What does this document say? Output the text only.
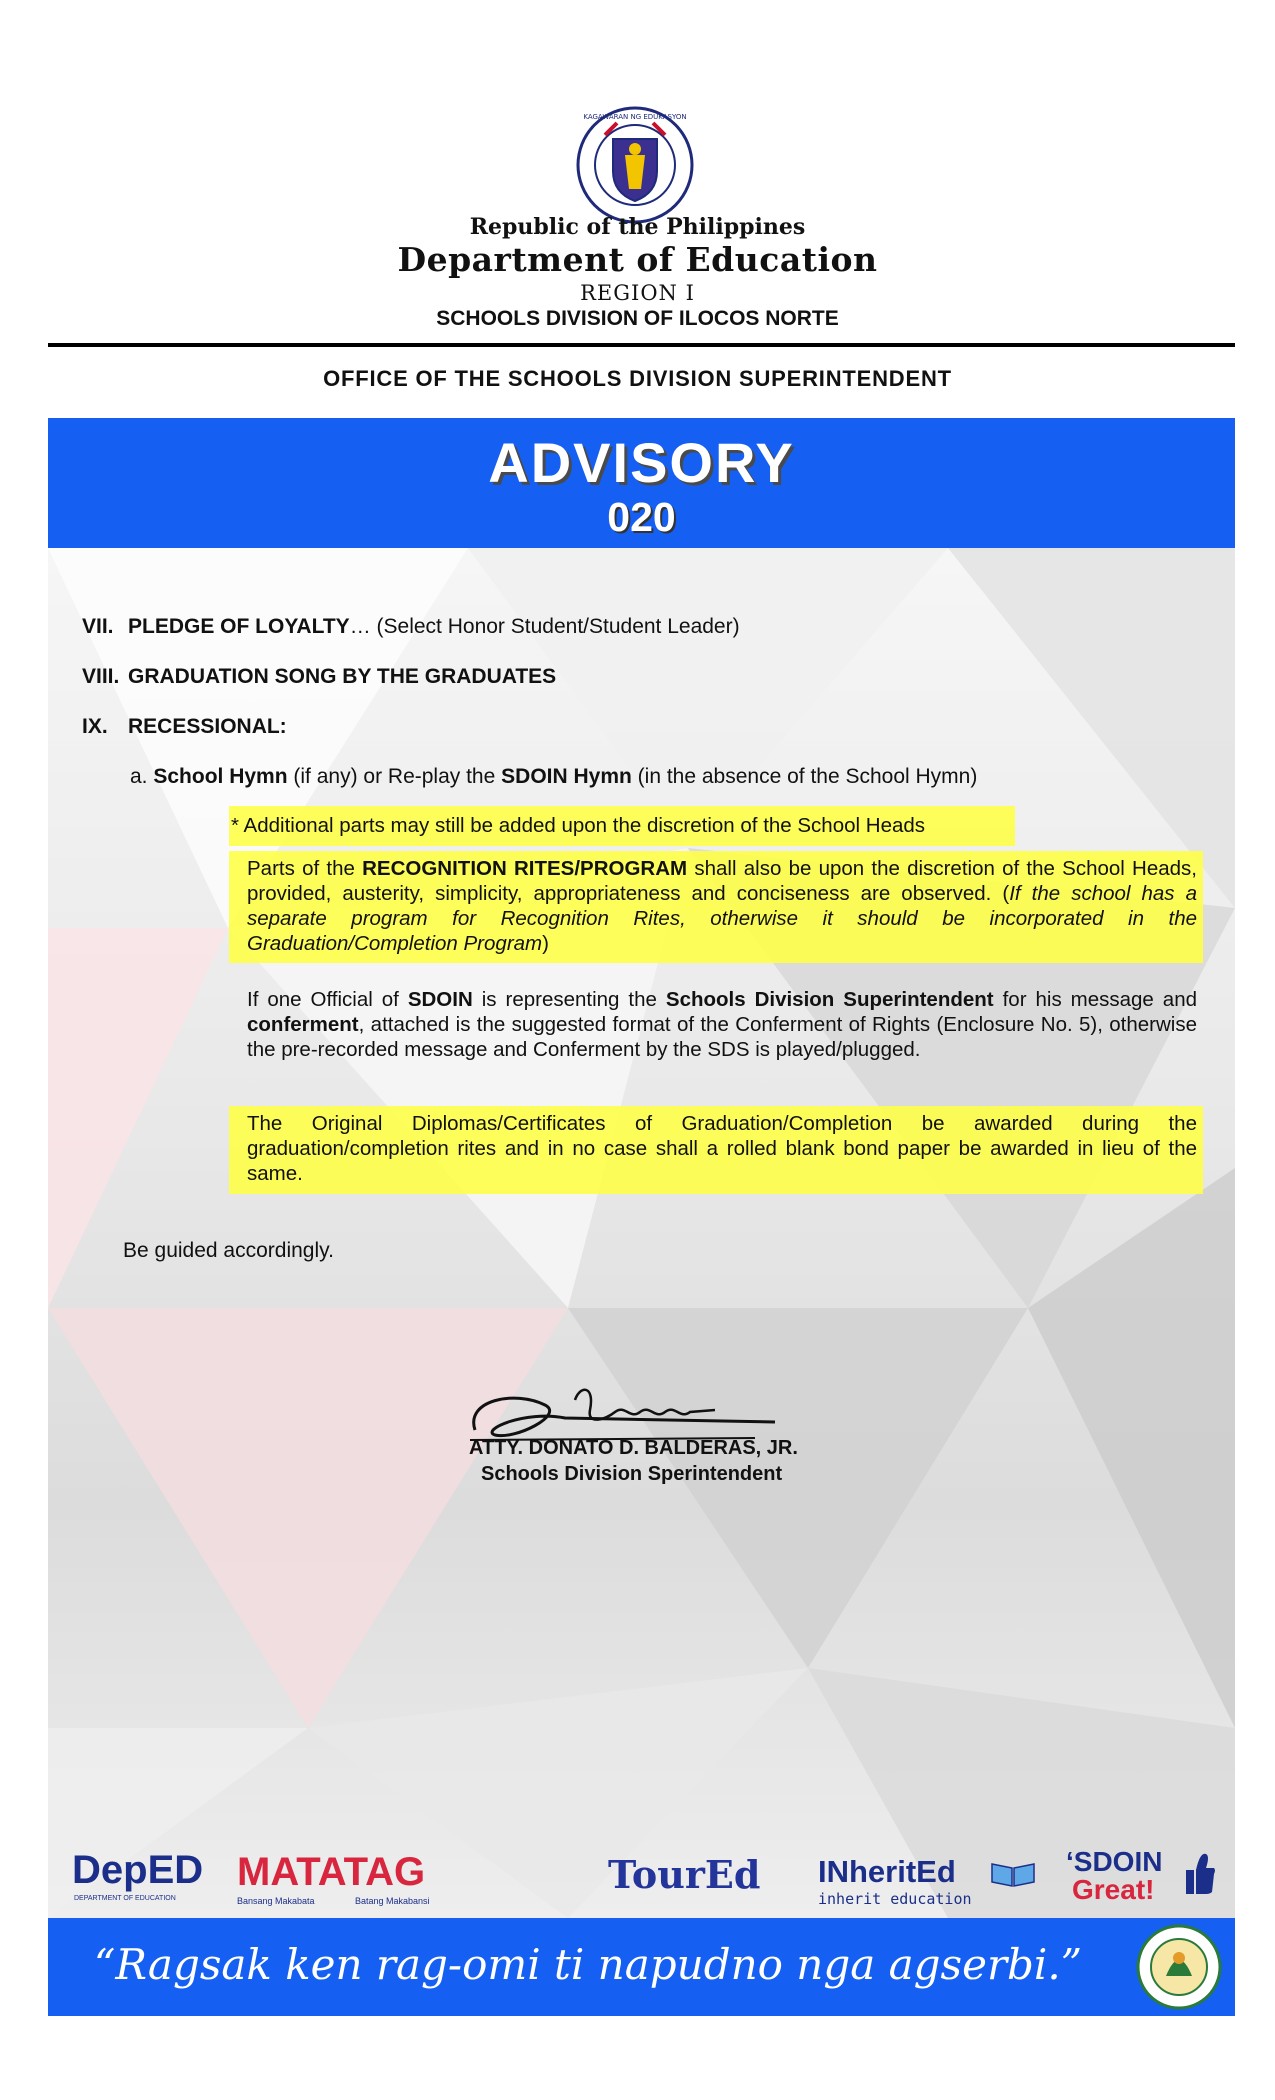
KAGAWARAN NG EDUKASYON
Republic of the Philippines
Department of Education
REGION I
SCHOOLS DIVISION OF ILOCOS NORTE
OFFICE OF THE SCHOOLS DIVISION SUPERINTENDENT
ADVISORY
020
VII. PLEDGE OF LOYALTY… (Select Honor Student/Student Leader)
VIII. GRADUATION SONG BY THE GRADUATES
IX. RECESSIONAL:
a. School Hymn (if any) or Re-play the SDOIN Hymn (in the absence of the School Hymn)
* Additional parts may still be added upon the discretion of the School Heads
Parts of the RECOGNITION RITES/PROGRAM shall also be upon the discretion of the School Heads, provided, austerity, simplicity, appropriateness and conciseness are observed. (If the school has a separate program for Recognition Rites, otherwise it should be incorporated in the Graduation/Completion Program)
If one Official of SDOIN is representing the Schools Division Superintendent for his message and conferment, attached is the suggested format of the Conferment of Rights (Enclosure No. 5), otherwise the pre-recorded message and Conferment by the SDS is played/plugged.
The Original Diplomas/Certificates of Graduation/Completion be awarded during the graduation/completion rites and in no case shall a rolled blank bond paper be awarded in lieu of the same.
Be guided accordingly.
ATTY. DONATO D. BALDERAS, JR.
Schools Division Sperintendent
DepED
DEPARTMENT OF EDUCATION
MATATAG
Bansang Makabata	Batang Makabansi
TourEd INheritEd
inherit education
‘SDOIN
Great!
“Ragsak ken rag-omi ti napudno nga agserbi.”
